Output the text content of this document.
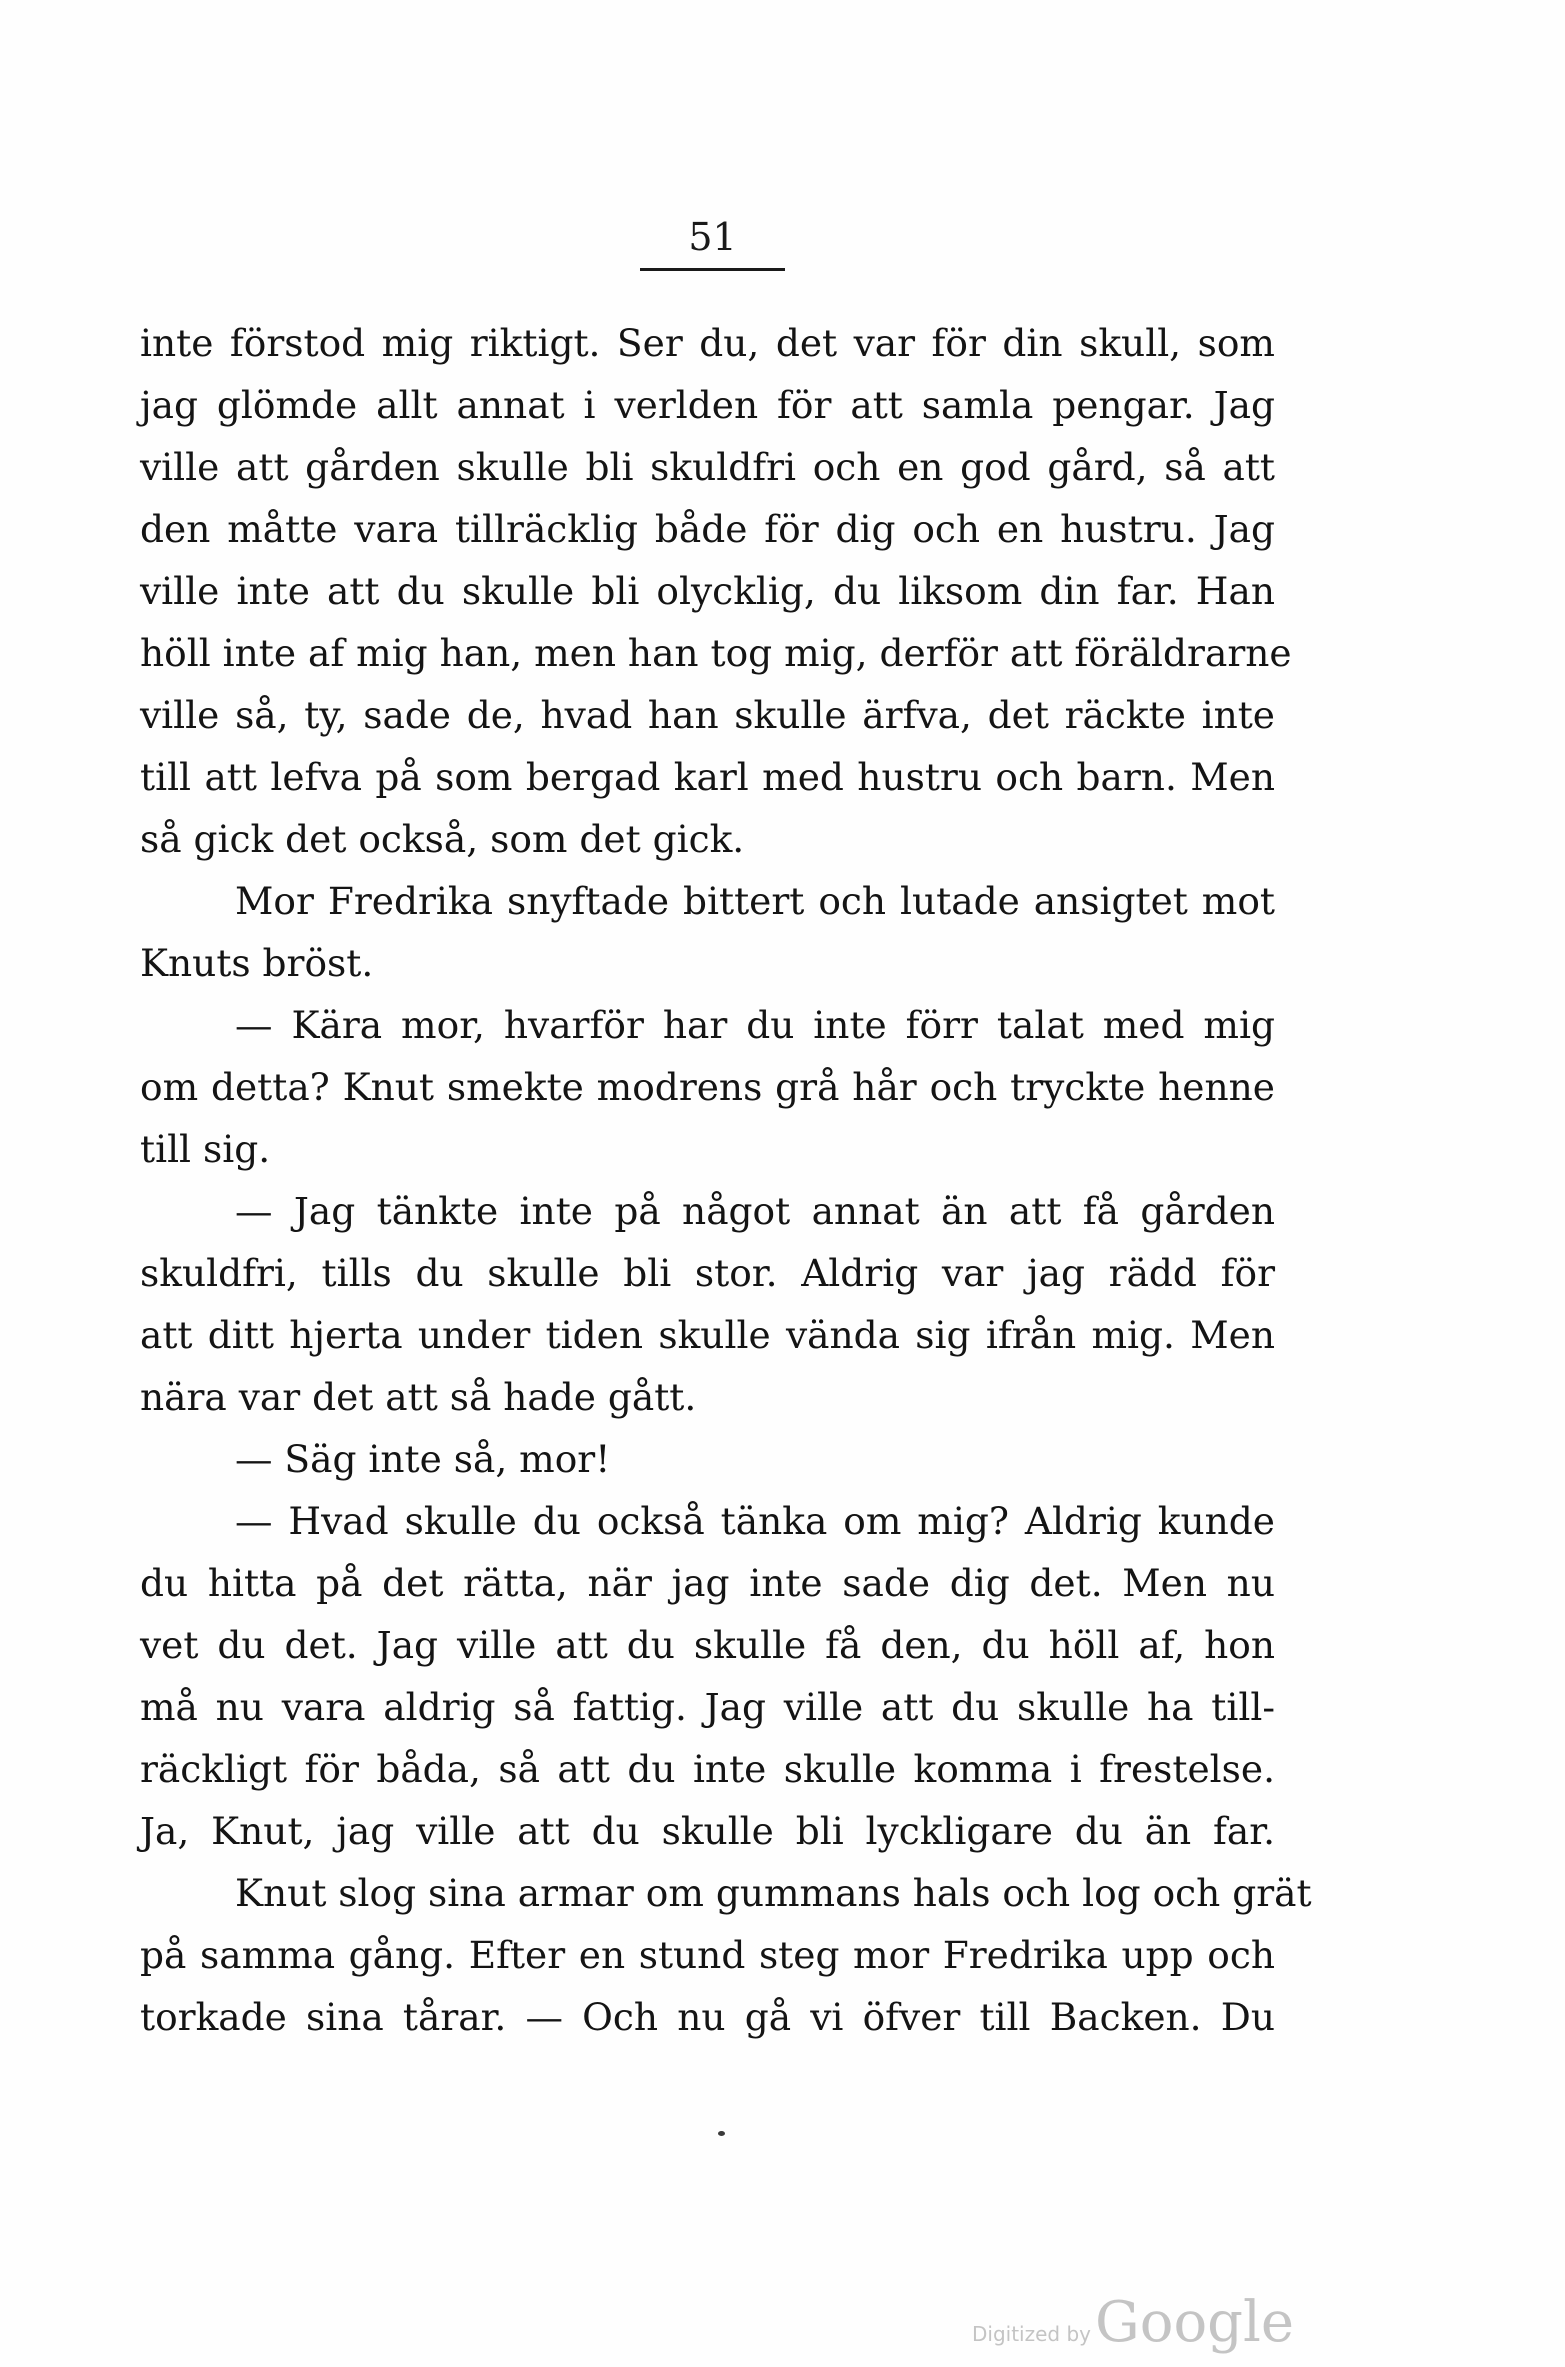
51
inte förstod mig riktigt. Ser du, det var för din skull, som
jag glömde allt annat i verlden för att samla pengar. Jag
ville att gården skulle bli skuldfri och en god gård, så att
den måtte vara tillräcklig både för dig och en hustru. Jag
ville inte att du skulle bli olycklig, du liksom din far. Han
höll inte af mig han, men han tog mig, derför att föräldrarne
ville så, ty, sade de, hvad han skulle ärfva, det räckte inte
till att lefva på som bergad karl med hustru och barn. Men
så gick det också, som det gick.
Mor Fredrika snyftade bittert och lutade ansigtet mot
Knuts bröst.
— Kära mor, hvarför har du inte förr talat med mig
om detta? Knut smekte modrens grå hår och tryckte henne
till sig.
— Jag tänkte inte på något annat än att få gården
skuldfri, tills du skulle bli stor. Aldrig var jag rädd för
att ditt hjerta under tiden skulle vända sig ifrån mig. Men
nära var det att så hade gått.
— Säg inte så, mor!
— Hvad skulle du också tänka om mig? Aldrig kunde
du hitta på det rätta, när jag inte sade dig det. Men nu
vet du det. Jag ville att du skulle få den, du höll af, hon
må nu vara aldrig så fattig. Jag ville att du skulle ha till-
räckligt för båda, så att du inte skulle komma i frestelse.
Ja, Knut, jag ville att du skulle bli lyckligare du än far.
Knut slog sina armar om gummans hals och log och grät
på samma gång. Efter en stund steg mor Fredrika upp och
torkade sina tårar. — Och nu gå vi öfver till Backen. Du
Digitized by Google
